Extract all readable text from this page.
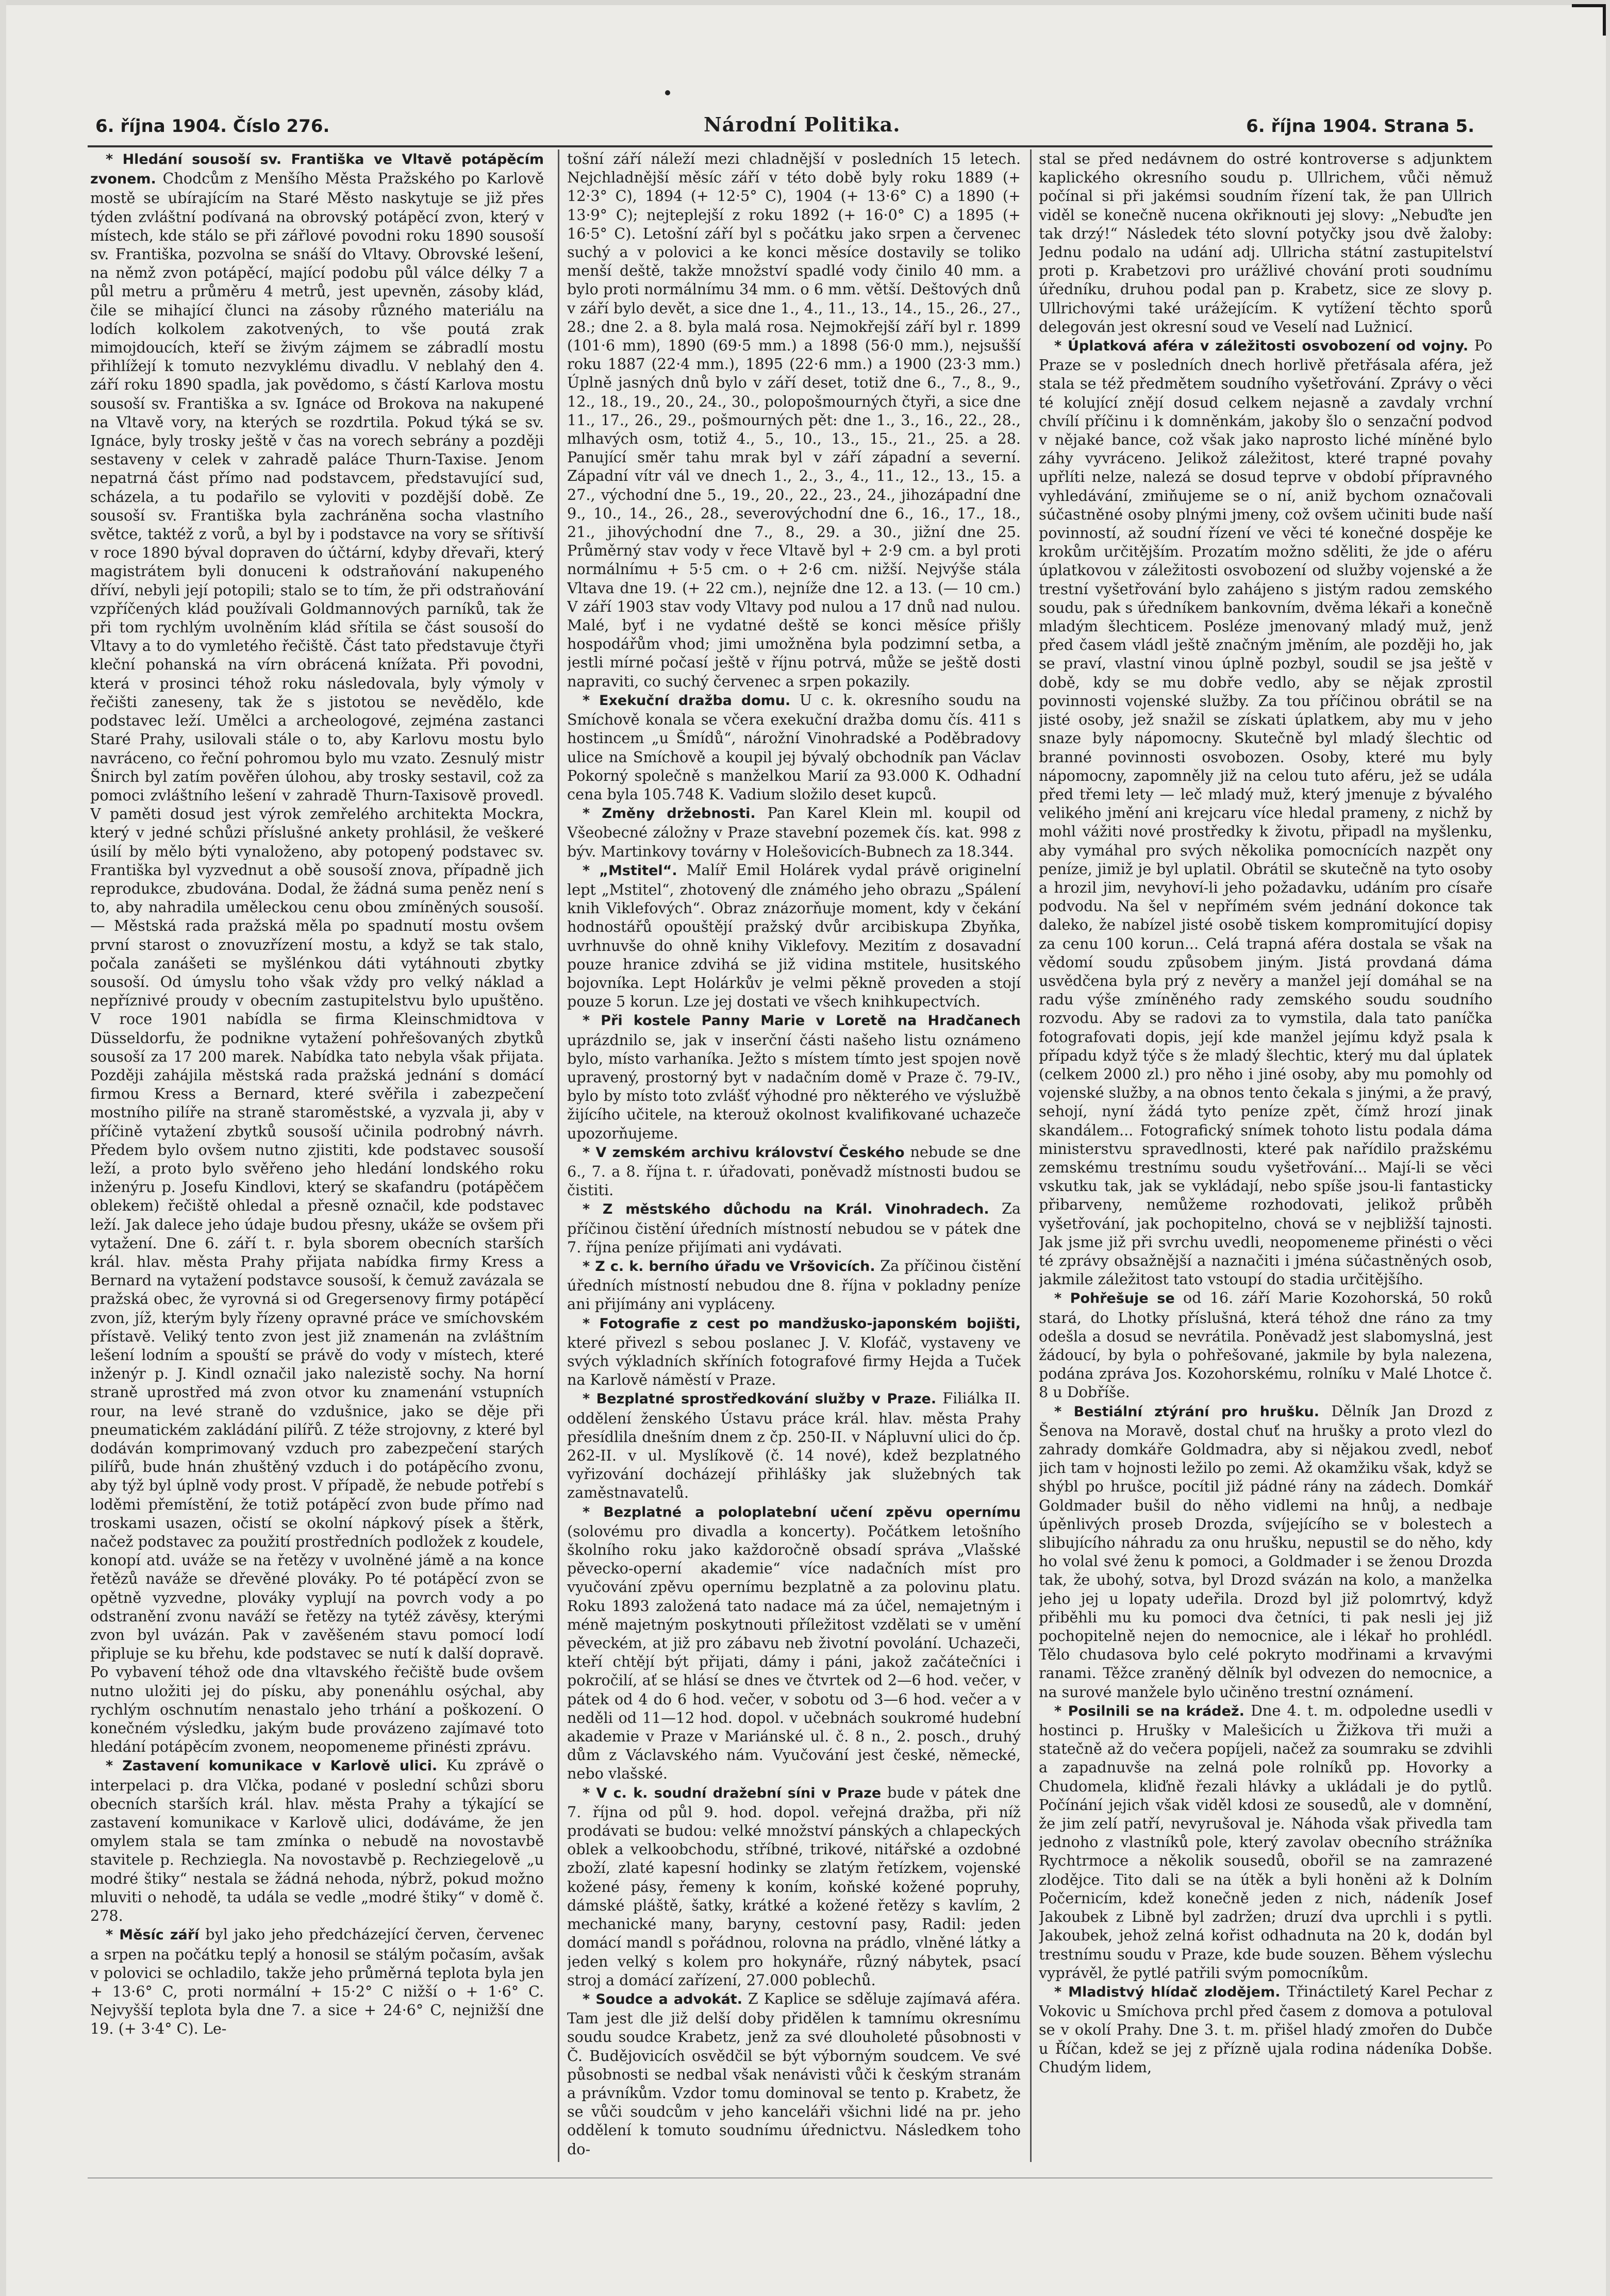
6. října 1904. Číslo 276.	Národní Politika.	6. října 1904. Strana 5.

* Hledání sousoší sv. Františka ve Vltavě potápěcím zvonem. Chodcům z Menšího Města Pražského po Karlově mostě se ubírajícím na Staré Město naskytuje se již přes týden zvláštní podívaná na obrovský potápěcí zvon, který v místech, kde stálo se při zářlové povodni roku 1890 sousoší sv. Františka, pozvolna se snáší do Vltavy. Obrovské lešení, na němž zvon potápěcí, mající podobu půl válce délky 7 a půl metru a průměru 4 metrů, jest upevněn, zásoby klád, čile se mihající člunci na zásoby různého materiálu na lodích kolkolem zakotvených, to vše poutá zrak mimojdoucích, kteří se živým zájmem se zábradlí mostu přihlížejí k tomuto nezvyklému divadlu. V neblahý den 4. září roku 1890 spadla, jak povědomo, s částí Karlova mostu sousoší sv. Františka a sv. Ignáce od Brokova na nakupené na Vltavě vory, na kterých se rozdrtila. Pokud týká se sv. Ignáce, byly trosky ještě v čas na vorech sebrány a později sestaveny v celek v zahradě paláce Thurn-Taxise. Jenom nepatrná část přímo nad podstavcem, představující sud, scházela, a tu podařilo se vyloviti v pozdější době. Ze sousoší sv. Františka byla zachráněna socha vlastního světce, taktéž z vorů, a byl by i podstavce na vory se sřítivší v roce 1890 býval dopraven do účtární, kdyby dřevaři, který magistrátem byli donuceni k odstraňování nakupeného dříví, nebyli její potopili; stalo se to tím, že při odstraňování vzpříčených klád používali Goldmannových parníků, tak že při tom rychlým uvolněním klád sřítila se část sousoší do Vltavy a to do vymletého řečiště. Část tato představuje čtyři kleční pohanská na vírn obrácená knížata. Při povodni, která v prosinci téhož roku následovala, byly výmoly v řečišti zaneseny, tak že s jistotou se nevědělo, kde podstavec leží. Umělci a archeologové, zejména zastanci Staré Prahy, usilovali stále o to, aby Karlovu mostu bylo navráceno, co řeční pohromou bylo mu vzato. Zesnulý mistr Šnirch byl zatím pověřen úlohou, aby trosky sestavil, což za pomoci zvláštního lešení v zahradě Thurn-Taxisově provedl. V paměti dosud jest výrok zemřelého architekta Mockra, který v jedné schůzi příslušné ankety prohlásil, že veškeré úsilí by mělo býti vynaloženo, aby potopený podstavec sv. Františka byl vyzvednut a obě sousoší znova, případně jich reprodukce, zbudována. Dodal, že žádná suma peněz není s to, aby nahradila uměleckou cenu obou zmíněných sousoší. — Městská rada pražská měla po spadnutí mostu ovšem první starost o znovuzřízení mostu, a když se tak stalo, počala zanášeti se myšlénkou dáti vytáhnouti zbytky sousoší. Od úmyslu toho však vždy pro velký náklad a nepříznivé proudy v obecním zastupitelstvu bylo upuštěno. V roce 1901 nabídla se firma Kleinschmidtova v Düsseldorfu, že podnikne vytažení pohřešovaných zbytků sousoší za 17 200 marek. Nabídka tato nebyla však přijata. Později zahájila městská rada pražská jednání s domácí firmou Kress a Bernard, které svěřila i zabezpečení mostního pilíře na straně staroměstské, a vyzvala ji, aby v příčině vytažení zbytků sousoší učinila podrobný návrh. Předem bylo ovšem nutno zjistiti, kde podstavec sousoší leží, a proto bylo svěřeno jeho hledání londského roku inženýru p. Josefu Kindlovi, který se skafandru (potápěčem oblekem) řečiště ohledal a přesně označil, kde podstavec leží. Jak dalece jeho údaje budou přesny, ukáže se ovšem při vytažení. Dne 6. září t. r. byla sborem obecních starších král. hlav. města Prahy přijata nabídka firmy Kress a Bernard na vytažení podstavce sousoší, k čemuž zavázala se pražská obec, že vyrovná si od Gregersenovy firmy potápěcí zvon, jíž, kterým byly řízeny opravné práce ve smíchovském přístavě. Veliký tento zvon jest již znamenán na zvláštním lešení lodním a spouští se právě do vody v místech, které inženýr p. J. Kindl označil jako nalezistě sochy. Na horní straně uprostřed má zvon otvor ku znamenání vstupních rour, na levé straně do vzdušnice, jako se děje při pneumatickém zakládání pilířů. Z téže strojovny, z které byl dodáván komprimovaný vzduch pro zabezpečení starých pilířů, bude hnán zhuštěný vzduch i do potápěcího zvonu, aby týž byl úplně vody prost. V případě, že nebude potřebí s loděmi přemístění, že totiž potápěcí zvon bude přímo nad troskami usazen, očistí se okolní nápkový písek a štěrk, načež podstavec za použití prostředních podložek z koudele, konopí atd. uváže se na řetězy v uvolněné jámě a na konce řetězů naváže se dřevěné plováky. Po té potápěcí zvon se opětně vyzvedne, plováky vyplují na povrch vody a po odstranění zvonu naváží se řetězy na tytéž závěsy, kterými zvon byl uvázán. Pak v zavěšeném stavu pomocí lodí připluje se ku břehu, kde podstavec se nutí k další dopravě. Po vybavení téhož ode dna vltavského řečiště bude ovšem nutno uložiti jej do písku, aby ponenáhlu osýchal, aby rychlým oschnutím nenastalo jeho trhání a poškození. O konečném výsledku, jakým bude provázeno zajímavé toto hledání potápěcím zvonem, neopomeneme přinésti zprávu.

* Zastavení komunikace v Karlově ulici. Ku zprávě o interpelaci p. dra Vlčka, podané v poslední schůzi sboru obecních starších král. hlav. města Prahy a týkající se zastavení komunikace v Karlově ulici, dodáváme, že jen omylem stala se tam zmínka o nebudě na novostavbě stavitele p. Rechziegla. Na novostavbě p. Rechziegelově „u modré štiky“ nestala se žádná nehoda, nýbrž, pokud možno mluviti o nehodě, ta udála se vedle „modré štiky“ v domě č. 278.

* Měsíc září byl jako jeho předcházející červen, červenec a srpen na počátku teplý a honosil se stálým počasím, avšak v polovici se ochladilo, takže jeho průměrná teplota byla jen + 13·6° C, proti normální + 15·2° C nižší o + 1·6° C. Nejvyšší teplota byla dne 7. a sice + 24·6° C, nejnižší dne 19. (+ 3·4° C). Le-

tošní září náleží mezi chladnější v posledních 15 letech. Nejchladnější měsíc září v této době byly roku 1889 (+ 12·3° C), 1894 (+ 12·5° C), 1904 (+ 13·6° C) a 1890 (+ 13·9° C); nejteplejší z roku 1892 (+ 16·0° C) a 1895 (+ 16·5° C). Letošní září byl s počátku jako srpen a červenec suchý a v polovici a ke konci měsíce dostavily se toliko menší deště, takže množství spadlé vody činilo 40 mm. a bylo proti normálnímu 34 mm. o 6 mm. větší. Deštových dnů v září bylo devět, a sice dne 1., 4., 11., 13., 14., 15., 26., 27., 28.; dne 2. a 8. byla malá rosa. Nejmokřejší září byl r. 1899 (101·6 mm), 1890 (69·5 mm.) a 1898 (56·0 mm.), nejsušší roku 1887 (22·4 mm.), 1895 (22·6 mm.) a 1900 (23·3 mm.) Úplně jasných dnů bylo v září deset, totiž dne 6., 7., 8., 9., 12., 18., 19., 20., 24., 30., polopošmourných čtyři, a sice dne 11., 17., 26., 29., pošmourných pět: dne 1., 3., 16., 22., 28., mlhavých osm, totiž 4., 5., 10., 13., 15., 21., 25. a 28. Panující směr tahu mrak byl v září západní a severní. Západní vítr vál ve dnech 1., 2., 3., 4., 11., 12., 13., 15. a 27., východní dne 5., 19., 20., 22., 23., 24., jihozápadní dne 9., 10., 14., 26., 28., severovýchodní dne 6., 16., 17., 18., 21., jihovýchodní dne 7., 8., 29. a 30., jižní dne 25. Průměrný stav vody v řece Vltavě byl + 2·9 cm. a byl proti normálnímu + 5·5 cm. o + 2·6 cm. nižší. Nejvýše stála Vltava dne 19. (+ 22 cm.), nejníže dne 12. a 13. (— 10 cm.) V září 1903 stav vody Vltavy pod nulou a 17 dnů nad nulou. Malé, byť i ne vydatné deště se konci měsíce přišly hospodářům vhod; jimi umožněna byla podzimní setba, a jestli mírné počasí ještě v říjnu potrvá, může se ještě dosti napraviti, co suchý červenec a srpen pokazily.

* Exekuční dražba domu. U c. k. okresního soudu na Smíchově konala se včera exekuční dražba domu čís. 411 s hostincem „u Šmídů“, nárožní Vinohradské a Poděbradovy ulice na Smíchově a koupil jej bývalý obchodník pan Václav Pokorný společně s manželkou Marií za 93.000 K. Odhadní cena byla 105.748 K. Vadium složilo deset kupců.

* Změny držebnosti. Pan Karel Klein ml. koupil od Všeobecné záložny v Praze stavební pozemek čís. kat. 998 z býv. Martinkovy továrny v Holešovicích-Bubnech za 18.344.

* „Mstitel“. Malíř Emil Holárek vydal právě originelní lept „Mstitel“, zhotovený dle známého jeho obrazu „Spálení knih Viklefových“. Obraz znázorňuje moment, kdy v čekání hodnostářů opouštějí pražský dvůr arcibiskupa Zbyňka, uvrhnuvše do ohně knihy Viklefovy. Mezitím z dosavadní pouze hranice zdvihá se již vidina mstitele, husitského bojovníka. Lept Holárkův je velmi pěkně proveden a stojí pouze 5 korun. Lze jej dostati ve všech knihkupectvích.

* Při kostele Panny Marie v Loretě na Hradčanech uprázdnilo se, jak v inserční části našeho listu oznámeno bylo, místo varhaníka. Ježto s místem tímto jest spojen nově upravený, prostorný byt v nadačním domě v Praze č. 79-IV., bylo by místo toto zvlášť výhodné pro některého ve výslužbě žijícího učitele, na kterouž okolnost kvalifikované uchazeče upozorňujeme.

* V zemském archivu království Českého nebude se dne 6., 7. a 8. října t. r. úřadovati, poněvadž místnosti budou se čistiti.

* Z městského důchodu na Král. Vinohradech. Za příčinou čistění úředních místností nebudou se v pátek dne 7. října peníze přijímati ani vydávati.

* Z c. k. berního úřadu ve Vršovicích. Za příčinou čistění úředních místností nebudou dne 8. října v pokladny peníze ani přijímány ani vypláceny.

* Fotografie z cest po mandžusko-japonském bojišti, které přivezl s sebou poslanec J. V. Klofáč, vystaveny ve svých výkladních skříních fotografové firmy Hejda a Tuček na Karlově náměstí v Praze.

* Bezplatné sprostředkování služby v Praze. Filiálka II. oddělení ženského Ústavu práce král. hlav. města Prahy přesídlila dnešním dnem z čp. 250-II. v Nápluvní ulici do čp. 262-II. v ul. Myslíkově (č. 14 nové), kdež bezplatného vyřizování docházejí přihlášky jak služebných tak zaměstnavatelů.

* Bezplatné a poloplatební učení zpěvu opernímu (solovému pro divadla a koncerty). Počátkem letošního školního roku jako každoročně obsadí správa „Vlašské pěvecko-operní akademie“ více nadačních míst pro vyučování zpěvu opernímu bezplatně a za polovinu platu. Roku 1893 založená tato nadace má za účel, nemajetným i méně majetným poskytnouti příležitost vzdělati se v umění pěveckém, at již pro zábavu neb životní povolání. Uchazeči, kteří chtějí být přijati, dámy i páni, jakož začátečníci i pokročilí, ať se hlásí se dnes ve čtvrtek od 2—6 hod. večer, v pátek od 4 do 6 hod. večer, v sobotu od 3—6 hod. večer a v neděli od 11—12 hod. dopol. v učebnách soukromé hudební akademie v Praze v Mariánské ul. č. 8 n., 2. posch., druhý dům z Václavského nám. Vyučování jest české, německé, nebo vlašské.

* V c. k. soudní dražební síni v Praze bude v pátek dne 7. října od půl 9. hod. dopol. veřejná dražba, při níž prodávati se budou: velké množství pánských a chlapeckých oblek a velkoobchodu, stříbné, trikové, nitářské a ozdobné zboží, zlaté kapesní hodinky se zlatým řetízkem, vojenské kožené pásy, řemeny k koním, koňské kožené popruhy, dámské pláště, šatky, krátké a kožené řetězy s kavlím, 2 mechanické many, baryny, cestovní pasy, Radil: jeden domácí mandl s pořádnou, rolovna na prádlo, vlněné látky a jeden velký s kolem pro hokynáře, různý nábytek, psací stroj a domácí zařízení, 27.000 poblechů.

* Soudce a advokát. Z Kaplice se sděluje zajímavá aféra. Tam jest dle již delší doby přidělen k tamnímu okresnímu soudu soudce Krabetz, jenž za své dlouholeté působnosti v Č. Budějovicích osvědčil se být výborným soudcem. Ve své působnosti se nedbal však nenávisti vůči k českým stranám a právníkům. Vzdor tomu dominoval se tento p. Krabetz, že se vůči soudcům v jeho kanceláři všichni lidé na pr. jeho oddělení k tomuto soudnímu úřednictvu. Následkem toho do-

stal se před nedávnem do ostré kontroverse s adjunktem kaplického okresního soudu p. Ullrichem, vůči němuž počínal si při jakémsi soudním řízení tak, že pan Ullrich viděl se konečně nucena okřiknouti jej slovy: „Nebuďte jen tak drzý!“ Následek této slovní potyčky jsou dvě žaloby: Jednu podalo na udání adj. Ullricha státní zastupitelství proti p. Krabetzovi pro urážlivé chování proti soudnímu úředníku, druhou podal pan p. Krabetz, sice ze slovy p. Ullrichovými také urážejícím. K vytížení těchto sporů delegován jest okresní soud ve Veselí nad Lužnicí.

* Úplatková aféra v záležitosti osvobození od vojny. Po Praze se v posledních dnech horlivě přetřásala aféra, jež stala se též předmětem soudního vyšetřování. Zprávy o věci té kolující znějí dosud celkem nejasně a zavdaly vrchní chvílí příčinu i k domněnkám, jakoby šlo o senzační podvod v nějaké bance, což však jako naprosto liché míněné bylo záhy vyvráceno. Jelikož záležitost, které trapné povahy upřlíti nelze, nalezá se dosud teprve v období přípravného vyhledávání, zmiňujeme se o ní, aniž bychom označovali súčastněné osoby plnými jmeny, což ovšem učiniti bude naší povinností, až soudní řízení ve věci té konečné dospěje ke krokům určitějším. Prozatím možno sděliti, že jde o aféru úplatkovou v záležitosti osvobození od služby vojenské a že trestní vyšetřování bylo zahájeno s jistým radou zemského soudu, pak s úředníkem bankovním, dvěma lékaři a konečně mladým šlechticem. Posléze jmenovaný mladý muž, jenž před časem vládl ještě značným jměním, ale později ho, jak se praví, vlastní vinou úplně pozbyl, soudil se jsa ještě v době, kdy se mu dobře vedlo, aby se nějak zprostil povinnosti vojenské služby. Za tou příčinou obrátil se na jisté osoby, jež snažil se získati úplatkem, aby mu v jeho snaze byly nápomocny. Skutečně byl mladý šlechtic od branné povinnosti osvobozen. Osoby, které mu byly nápomocny, zapomněly již na celou tuto aféru, jež se udála před třemi lety — leč mladý muž, který jmenuje z bývalého velikého jmění ani krejcaru více hledal prameny, z nichž by mohl vážiti nové prostředky k životu, připadl na myšlenku, aby vymáhal pro svých několika pomocnících nazpět ony peníze, jimiž je byl uplatil. Obrátil se skutečně na tyto osoby a hrozil jim, nevyhoví-li jeho požadavku, udáním pro císaře podvodu. Na šel v nepřímém svém jednání dokonce tak daleko, že nabízel jisté osobě tiskem kompromitující dopisy za cenu 100 korun... Celá trapná aféra dostala se však na vědomí soudu způsobem jiným. Jistá provdaná dáma usvědčena byla prý z nevěry a manžel její domáhal se na radu výše zmíněného rady zemského soudu soudního rozvodu. Aby se radovi za to vymstila, dala tato paníčka fotografovati dopis, její kde manžel jejímu když psala k případu když týče s že mladý šlechtic, který mu dal úplatek (celkem 2000 zl.) pro něho i jiné osoby, aby mu pomohly od vojenské služby, a na obnos tento čekala s jinými, a že pravý, sehojí, nyní žádá tyto peníze zpět, čímž hrozí jinak skandálem... Fotografický snímek tohoto listu podala dáma ministerstvu spravedlnosti, které pak nařídilo pražskému zemskému trestnímu soudu vyšetřování... Mají-li se věci vskutku tak, jak se vykládají, nebo spíše jsou-li fantasticky přibarveny, nemůžeme rozhodovati, jelikož průběh vyšetřování, jak pochopitelno, chová se v nejbližší tajnosti. Jak jsme již při svrchu uvedli, neopomeneme přinésti o věci té zprávy obsažnější a naznačiti i jména súčastněných osob, jakmile záležitost tato vstoupí do stadia určitějšího.

* Pohřešuje se od 16. září Marie Kozohorská, 50 roků stará, do Lhotky příslušná, která téhož dne ráno za tmy odešla a dosud se nevrátila. Poněvadž jest slabomyslná, jest žádoucí, by byla o pohřešované, jakmile by byla nalezena, podána zpráva Jos. Kozohorskému, rolníku v Malé Lhotce č. 8 u Dobříše.

* Bestiální ztýrání pro hrušku. Dělník Jan Drozd z Šenova na Moravě, dostal chuť na hrušky a proto vlezl do zahrady domkáře Goldmadra, aby si nějakou zvedl, neboť jich tam v hojnosti ležilo po zemi. Až okamžiku však, když se shýbl po hrušce, pocítil již pádné rány na zádech. Domkář Goldmader bušil do něho vidlemi na hnůj, a nedbaje úpěnlivých proseb Drozda, svíjejícího se v bolestech a slibujícího náhradu za onu hrušku, nepustil se do něho, kdy ho volal své ženu k pomoci, a Goldmader i se ženou Drozda tak, že ubohý, sotva, byl Drozd svázán na kolo, a manželka jeho jej u lopaty udeřila. Drozd byl již polomrtvý, když přiběhli mu ku pomoci dva četníci, ti pak nesli jej již pochopitelně nejen do nemocnice, ale i lékař ho prohlédl. Tělo chudasova bylo celé pokryto modřinami a krvavými ranami. Těžce zraněný dělník byl odvezen do nemocnice, a na surové manžele bylo učiněno trestní oznámení.

* Posilnili se na krádež. Dne 4. t. m. odpoledne usedli v hostinci p. Hrušky v Malešicích u Žižkova tři muži a statečně až do večera popíjeli, načež za soumraku se zdvihli a zapadnuvše na zelná pole rolníků pp. Hovorky a Chudomela, kliďně řezali hlávky a ukládali je do pytlů. Počínání jejich však viděl kdosi ze sousedů, ale v domnění, že jim zelí patří, nevyrušoval je. Náhoda však přivedla tam jednoho z vlastníků pole, který zavolav obecního strážníka Rychtrmoce a několik sousedů, obořil se na zamrazené zlodějce. Tito dali se na útěk a byli honěni až k Dolním Počernicím, kdež konečně jeden z nich, nádeník Josef Jakoubek z Libně byl zadržen; druzí dva uprchli i s pytli. Jakoubek, jehož zelná kořist odhadnuta na 20 k, dodán byl trestnímu soudu v Praze, kde bude souzen. Během výslechu vyprávěl, že pytlé patřili svým pomocníkům.

* Mladistvý hlídač zlodějem. Třináctiletý Karel Pechar z Vokovic u Smíchova prchl před časem z domova a potuloval se v okolí Prahy. Dne 3. t. m. přišel hladý zmořen do Dubče u Říčan, kdež se jej z přízně ujala rodina nádeníka Dobše. Chudým lidem,
